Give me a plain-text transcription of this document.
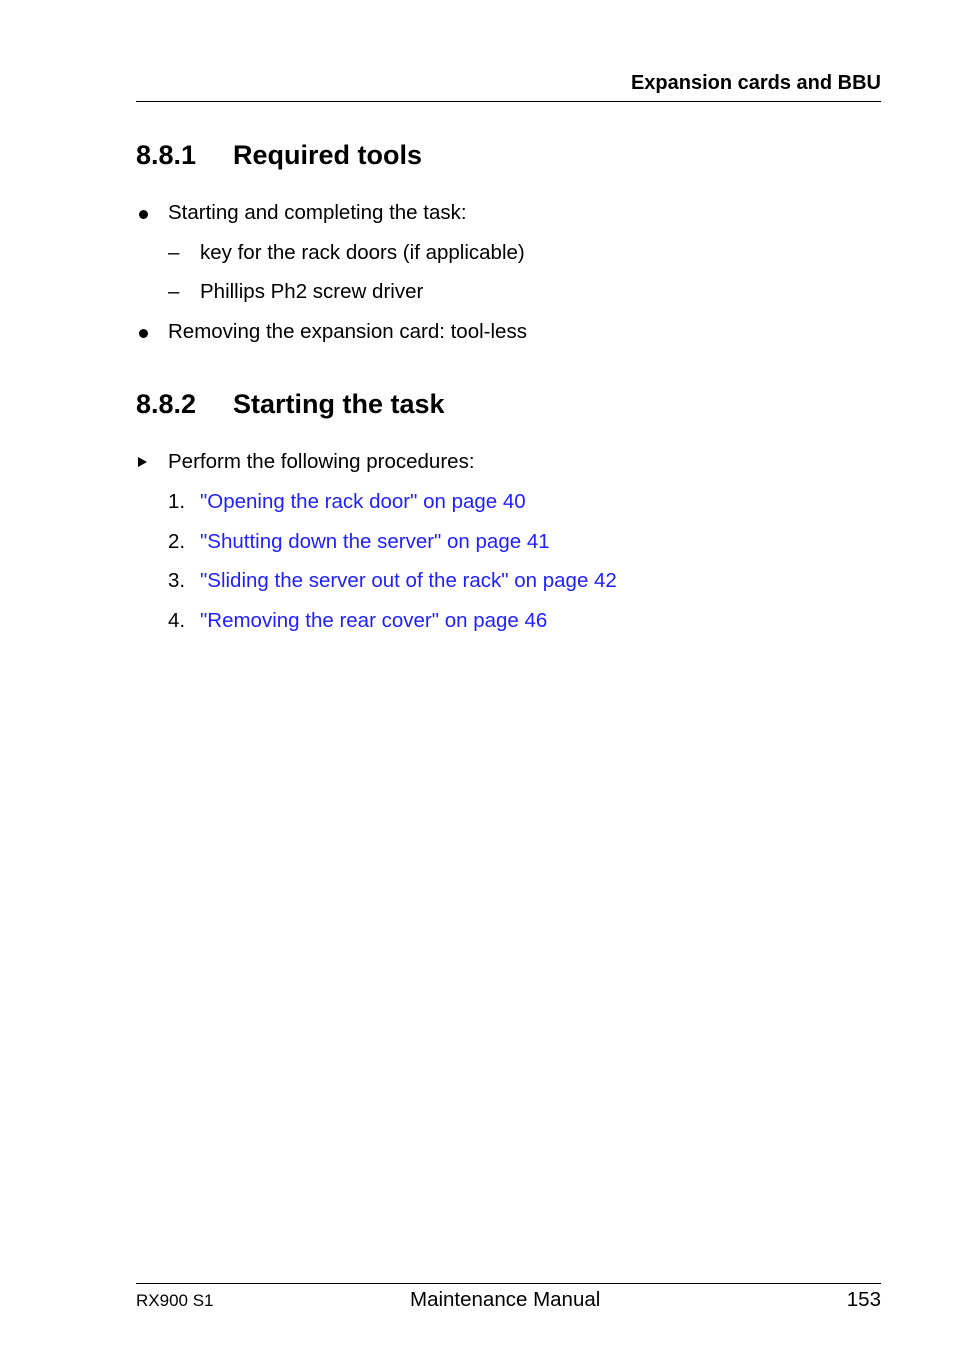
Expansion cards and BBU
8.8.1 Required tools
Starting and completing the task:
– key for the rack doors (if applicable)
– Phillips Ph2 screw driver
Removing the expansion card: tool-less
8.8.2 Starting the task
Perform the following procedures:
1. "Opening the rack door" on page 40
2. "Shutting down the server" on page 41
3. "Sliding the server out of the rack" on page 42
4. "Removing the rear cover" on page 46
RX900 S1	Maintenance Manual	153
